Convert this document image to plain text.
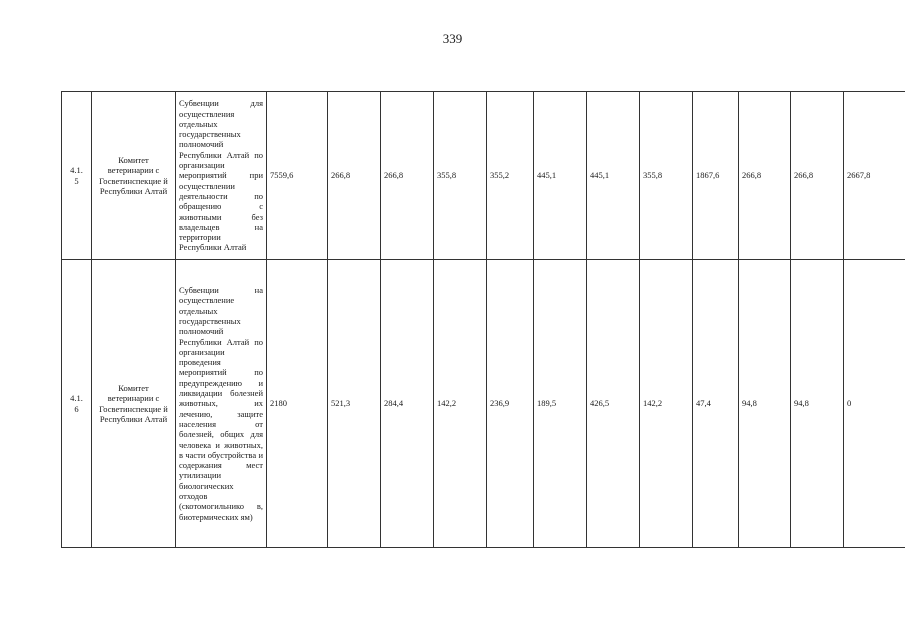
339
4.1.
5	Комитет ветеринарии с Госветинспекцие й Республики Алтай	Субвенции для осуществления отдельных государственных полномочий Республики Алтай по организации мероприятий при осуществлении деятельности по обращению с животными без владельцев на территории Республики Алтай	7559,6	266,8	266,8	355,8	355,2	445,1	445,1	355,8	1867,6	266,8	266,8	2667,8
4.1.
6	Комитет ветеринарии с Госветинспекцие й Республики Алтай	Субвенции на осуществление отдельных государственных полномочий Республики Алтай по организации проведения мероприятий по предупреждению и ликвидации болезней животных, их лечению, защите населения от болезней, общих для человека и животных, в части обустройства и содержания мест утилизации биологических отходов (скотомогильнико в, биотермических ям)	2180	521,3	284,4	142,2	236,9	189,5	426,5	142,2	47,4	94,8	94,8	0
